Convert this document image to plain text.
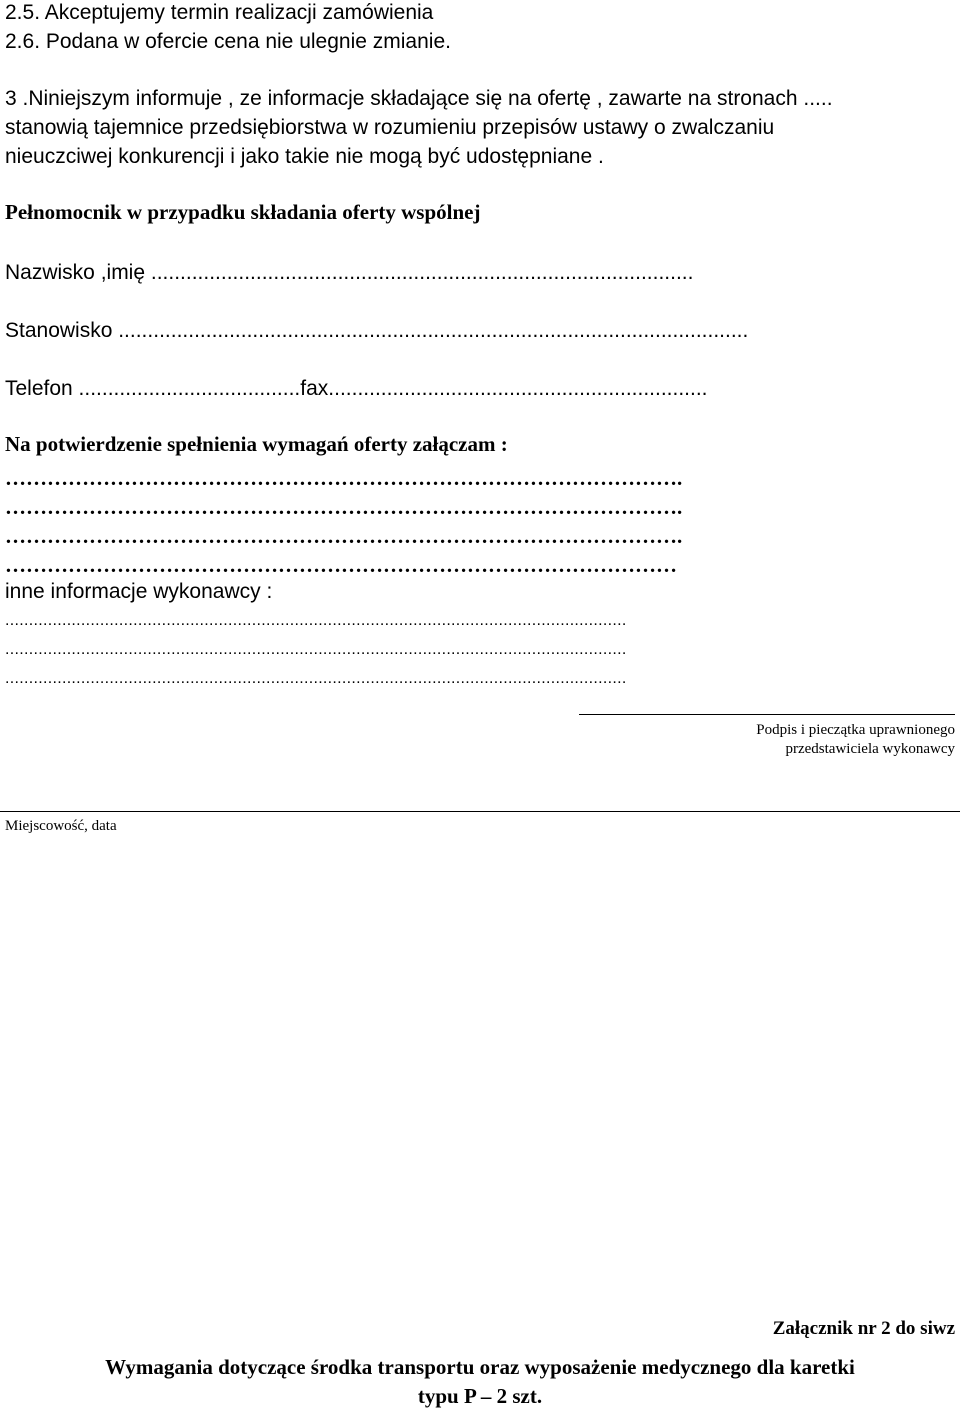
2.5. Akceptujemy termin realizacji zamówienia
2.6. Podana w ofercie cena nie ulegnie zmianie.
3 .Niniejszym informuje , ze informacje składające się na ofertę , zawarte na stronach .....
stanowią tajemnice przedsiębiorstwa w rozumieniu przepisów ustawy o zwalczaniu
nieuczciwej konkurencji i jako takie nie mogą być udostępniane .
Pełnomocnik w przypadku składania oferty wspólnej
Nazwisko ,imię .............................................................................................
Stanowisko ............................................................................................................
Telefon ......................................fax.................................................................
Na potwierdzenie spełnienia wymagań oferty załączam :
…………………………………………………………………………………….
…………………………………………………………………………………….
…………………………………………………………………………………….
……………………………………………………………………………………
inne informacje wykonawcy :
...................................................................................................................................
...................................................................................................................................
...................................................................................................................................
Podpis i pieczątka uprawnionego
przedstawiciela wykonawcy
Miejscowość, data
Załącznik nr 2 do siwz
Wymagania dotyczące środka transportu oraz wyposażenie medycznego dla karetki
typu P – 2 szt.
